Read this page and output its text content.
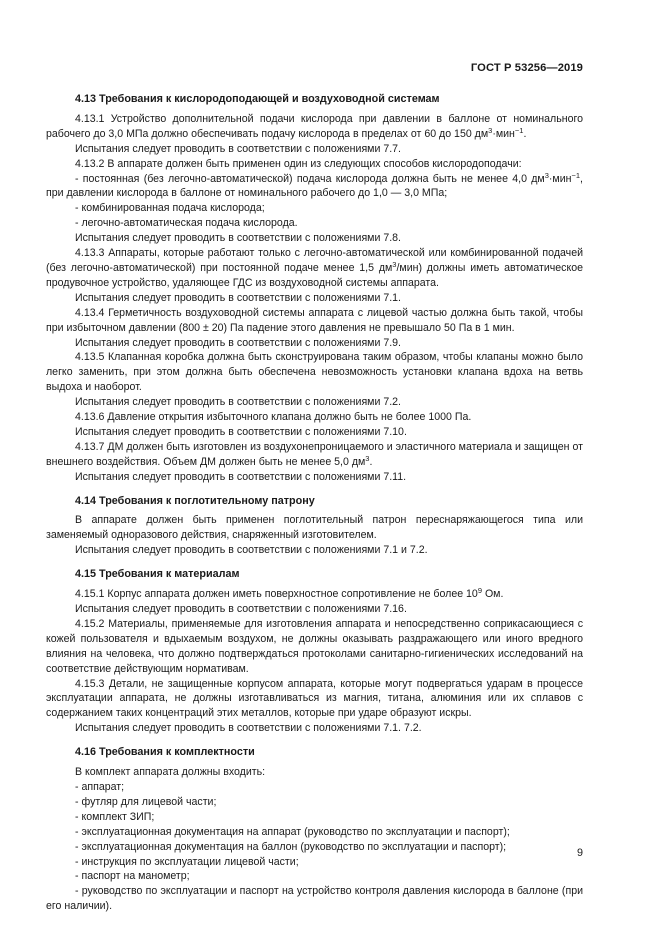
ГОСТ Р 53256—2019
4.13 Требования к кислородоподающей и воздуховодной системам

4.13.1 Устройство дополнительной подачи кислорода при давлении в баллоне от номинального рабочего до 3,0 МПа должно обеспечивать подачу кислорода в пределах от 60 до 150 $дм^3\cdot мин^{-1}$.

Испытания следует проводить в соответствии с положениями 7.7.

4.13.2 В аппарате должен быть применен один из следующих способов кислородоподачи:

- постоянная (без легочно-автоматической) подача кислорода должна быть не менее 4,0 $дм^3\cdot мин^{-1}$, при давлении кислорода в баллоне от номинального рабочего до 1,0 — 3,0 МПа;

- комбинированная подача кислорода;

- легочно-автоматическая подача кислорода.

Испытания следует проводить в соответствии с положениями 7.8.

4.13.3 Аппараты, которые работают только с легочно-автоматической или комбинированной подачей (без легочно-автоматической) при постоянной подаче менее 1,5 $дм^3/мин$) должны иметь автоматическое продувочное устройство, удаляющее ГДС из воздуховодной системы аппарата.

Испытания следует проводить в соответствии с положениями 7.1.

4.13.4 Герметичность воздуховодной системы аппарата с лицевой частью должна быть такой, чтобы при избыточном давлении (800 ± 20) Па падение этого давления не превышало 50 Па в 1 мин.

Испытания следует проводить в соответствии с положениями 7.9.

4.13.5 Клапанная коробка должна быть сконструирована таким образом, чтобы клапаны можно было легко заменить, при этом должна быть обеспечена невозможность установки клапана вдоха на ветвь выдоха и наоборот.

Испытания следует проводить в соответствии с положениями 7.2.

4.13.6 Давление открытия избыточного клапана должно быть не более 1000 Па.

Испытания следует проводить в соответствии с положениями 7.10.

4.13.7 ДМ должен быть изготовлен из воздухонепроницаемого и эластичного материала и защищен от внешнего воздействия. Объем ДМ должен быть не менее 5,0 $дм^3$.

Испытания следует проводить в соответствии с положениями 7.11.

4.14 Требования к поглотительному патрону

В аппарате должен быть применен поглотительный патрон переснаряжающегося типа или заменяемый одноразового действия, снаряженный изготовителем.

Испытания следует проводить в соответствии с положениями 7.1 и 7.2.

4.15 Требования к материалам

4.15.1 Корпус аппарата должен иметь поверхностное сопротивление не более $10^9$ Ом.

Испытания следует проводить в соответствии с положениями 7.16.

4.15.2 Материалы, применяемые для изготовления аппарата и непосредственно соприкасающиеся с кожей пользователя и вдыхаемым воздухом, не должны оказывать раздражающего или иного вредного влияния на человека, что должно подтверждаться протоколами санитарно-гигиенических исследований на соответствие действующим нормативам.

4.15.3 Детали, не защищенные корпусом аппарата, которые могут подвергаться ударам в процессе эксплуатации аппарата, не должны изготавливаться из магния, титана, алюминия или их сплавов с содержанием таких концентраций этих металлов, которые при ударе образуют искры.

Испытания следует проводить в соответствии с положениями 7.1. 7.2.

4.16 Требования к комплектности

В комплект аппарата должны входить:

- аппарат;

- футляр для лицевой части;

- комплект ЗИП;

- эксплуатационная документация на аппарат (руководство по эксплуатации и паспорт);

- эксплуатационная документация на баллон (руководство по эксплуатации и паспорт);

- инструкция по эксплуатации лицевой части;

- паспорт на манометр;

- руководство по эксплуатации и паспорт на устройство контроля давления кислорода в баллоне (при его наличии).

9
